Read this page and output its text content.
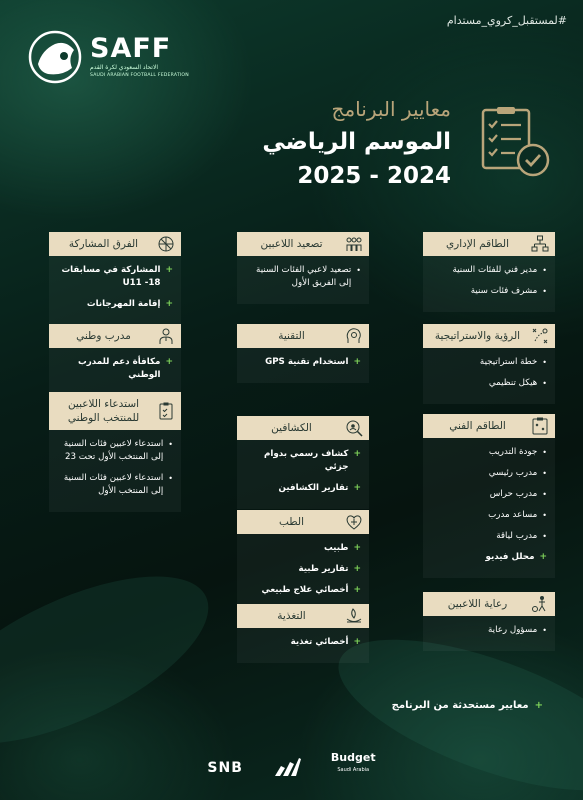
#لمستقبل_كروي_مستدام
SAFF
الاتحاد السعودي لكرة القدم
SAUDI ARABIAN FOOTBALL FEDERATION
معايير البرنامج
الموسم الرياضي
2025 - 2024
الطاقم الإداري
•
مدير فني للفئات السنية
•
مشرف فئات سنية
الرؤية والاستراتيجية
•
خطة استراتيجية
•
هيكل تنظيمي
الطاقم الفني
•
جودة التدريب
•
مدرب رئيسي
•
مدرب حراس
•
مساعد مدرب
•
مدرب لياقة
+
محلل فيديو
رعاية اللاعبين
•
مسؤول رعاية
تصعيد اللاعبين
•
تصعيد لاعبي الفئات السنية إلى الفريق الأول
التقنية
+
استخدام تقنية GPS
الكشافين
+
كشاف رسمي بدوام جزئي
+
تقارير الكشافين
الطب
+
طبيب
+
تقارير طبية
+
أخصائي علاج طبيعي
التغذية
+
أخصائي تغذية
الفرق المشاركة
+
المشاركة في مسابقات U11 -18
+
إقامة المهرجانات
مدرب وطني
+
مكافأة دعم للمدرب الوطني
استدعاء اللاعبين للمنتخب الوطني
•
استدعاء لاعبين فئات السنية إلى المنتخب الأول تحت 23
•
استدعاء لاعبين فئات السنية إلى المنتخب الأول
+
معايير مستحدثة من البرنامج
SNB
Budget
Saudi Arabia
